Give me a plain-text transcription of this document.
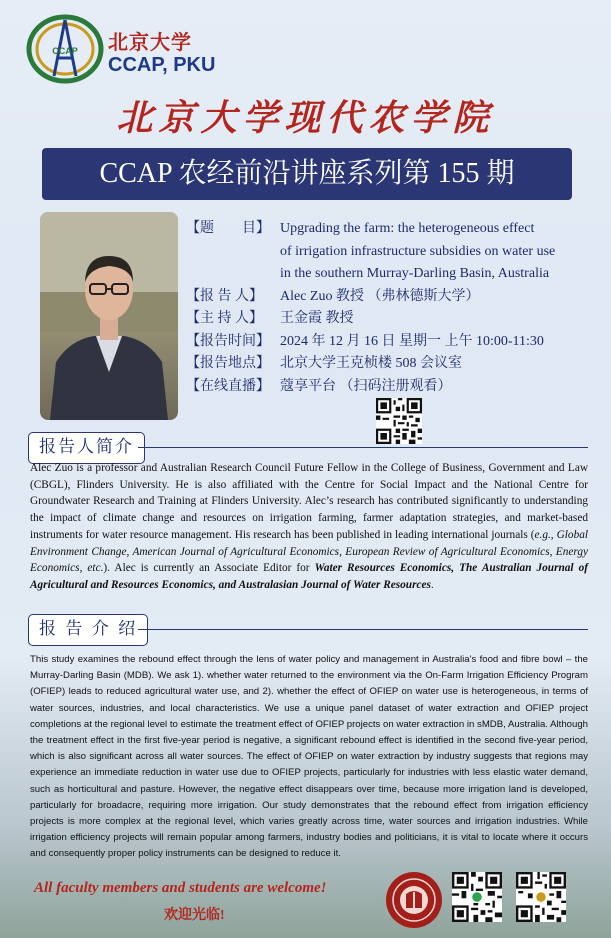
CCAP 北京大学
CCAP, PKU
北京大学现代农学院
CCAP 农经前沿讲座系列第 155 期
【题　　目】 Upgrading the farm: the heterogeneous effect
of irrigation infrastructure subsidies on water use
in the southern Murray-Darling Basin, Australia
【报 告 人】	Alec Zuo 教授 （弗林德斯大学）
【主 持 人】	王金霞 教授
【报告时间】 2024 年 12 月 16 日 星期一 上午 10:00-11:30
【报告地点】 北京大学王克桢楼 508 会议室
【在线直播】 蔻享平台 （扫码注册观看）
报告人简介
Alec Zuo is a professor and Australian Research Council Future Fellow in the College of Business, Government and Law (CBGL), Flinders University. He is also affiliated with the Centre for Social Impact and the National Centre for Groundwater Research and Training at Flinders University. Alec’s research has contributed significantly to understanding the impact of climate change and resources on irrigation farming, farmer adaptation strategies, and market-based instruments for water resource management. His research has been published in leading international journals (e.g., Global Environment Change, American Journal of Agricultural Economics, European Review of Agricultural Economics, Energy Economics, etc.). Alec is currently an Associate Editor for Water Resources Economics, The Australian Journal of Agricultural and Resources Economics, and Australasian Journal of Water Resources.
报 告 介 绍
This study examines the rebound effect through the lens of water policy and management in Australia's food and fibre bowl – the Murray-Darling Basin (MDB). We ask 1). whether water returned to the environment via the On-Farm Irrigation Efficiency Program (OFIEP) leads to reduced agricultural water use, and 2). whether the effect of OFIEP on water use is heterogeneous, in terms of water sources, industries, and local characteristics. We use a unique panel dataset of water extraction and OFIEP project completions at the regional level to estimate the treatment effect of OFIEP projects on water extraction in sMDB, Australia. Although the treatment effect in the first five-year period is negative, a significant rebound effect is identified in the second five-year period, which is also significant across all water sources. The effect of OFIEP on water extraction by industry suggests that regions may experience an immediate reduction in water use due to OFIEP projects, particularly for industries with less elastic water demand, such as horticultural and pasture. However, the negative effect disappears over time, because more irrigation land is developed, particularly for broadacre, requiring more irrigation. Our study demonstrates that the rebound effect from irrigation efficiency projects is more complex at the regional level, which varies greatly across time, water sources and irrigation industries. While irrigation efficiency projects will remain popular among farmers, industry bodies and politicians, it is vital to locate where it occurs and consequently proper policy instruments can be designed to reduce it.
All faculty members and students are welcome!
欢迎光临!
